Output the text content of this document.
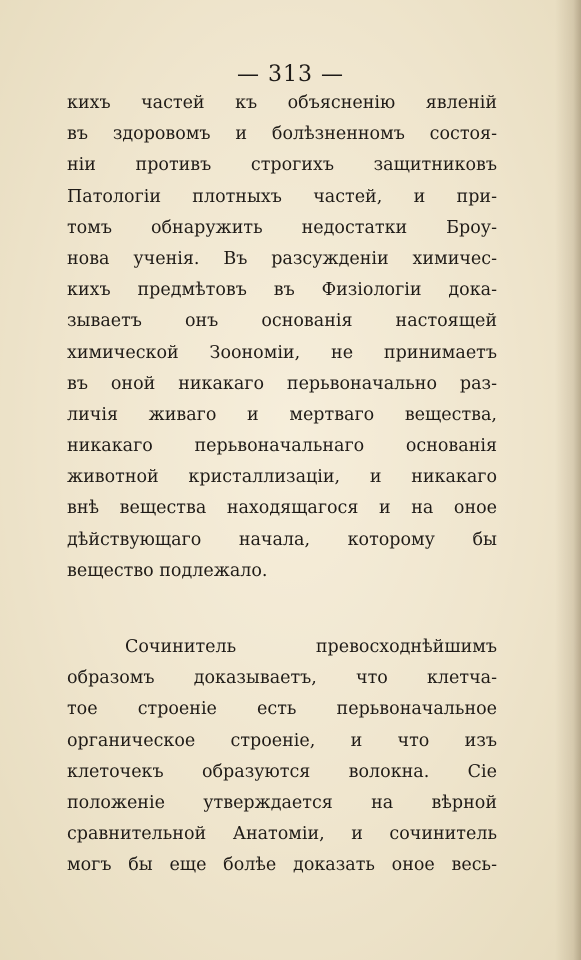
— 313 —
кихъ частей къ объясненію явленій
въ здоровомъ и болѣзненномъ состоя-
ніи противъ строгихъ защитниковъ
Патологіи плотныхъ частей, и при-
томъ обнаружить недостатки Броу-
нова ученія. Въ разсужденіи химичес-
кихъ предмѣтовъ въ Физіологіи дока-
зываетъ онъ основанія настоящей
химической Зоономіи, не принимаетъ
въ оной никакаго перьвоначально раз-
личія живаго и мертваго вещества,
никакаго перьвоначальнаго основанія
животной кристаллизаціи, и никакаго
внѣ вещества находящагося и на оное
дѣйствующаго начала, которому бы
вещество подлежало.
Сочинитель превосходнѣйшимъ
образомъ доказываетъ, что клетча-
тое строеніе есть перьвоначальное
органическое строеніе, и что изъ
клеточекъ образуются волокна. Сіе
положеніе утверждается на вѣрной
сравнительной Анатоміи, и сочинитель
могъ бы еще болѣе доказать оное весь-
